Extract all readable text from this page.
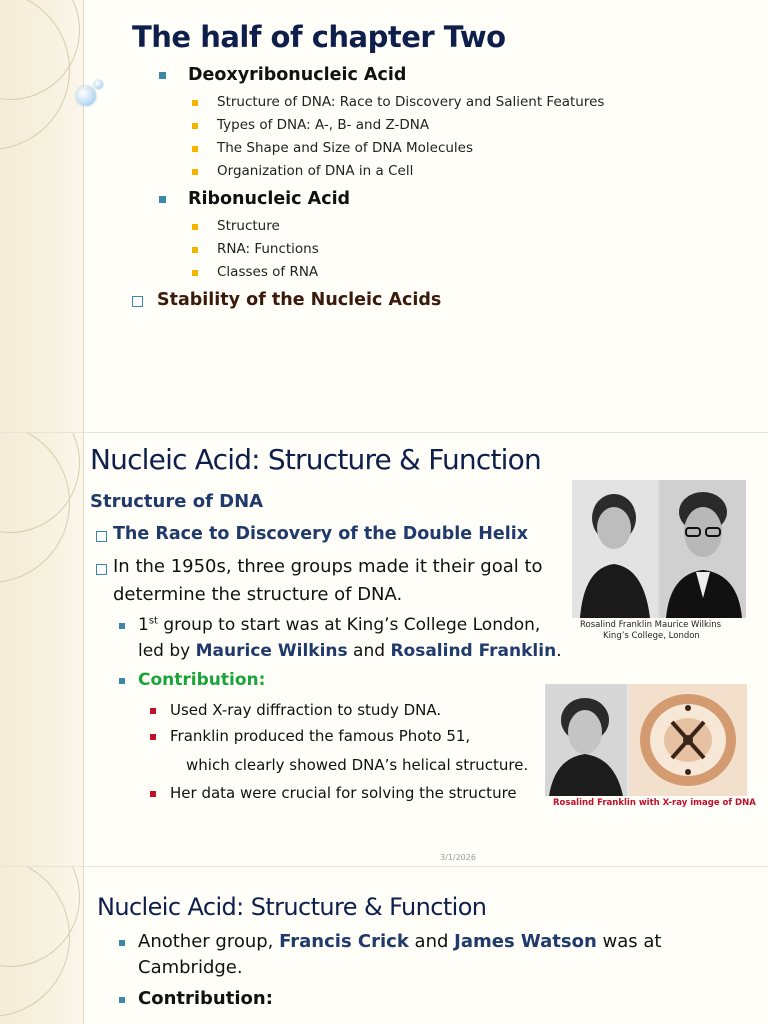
The half of chapter Two
Deoxyribonucleic Acid
Structure of DNA: Race to Discovery and Salient Features
Types of DNA: A-, B- and Z-DNA
The Shape and Size of DNA Molecules
Organization of DNA in a Cell
Ribonucleic Acid
Structure
RNA: Functions
Classes of RNA
Stability of the Nucleic Acids
Nucleic Acid: Structure & Function
Structure of DNA
The Race to Discovery of the Double Helix
In the 1950s, three groups made it their goal to
determine the structure of DNA.
1st group to start was at King’s College London,
led by Maurice Wilkins and Rosalind Franklin.
Contribution:
Used X-ray diffraction to study DNA.
Franklin produced the famous Photo 51,
which clearly showed DNA’s helical structure.
Her data were crucial for solving the structure
Rosalind Franklin Maurice Wilkins
King’s College, London
Rosalind Franklin with X-ray image of DNA
3/1/2026
Nucleic Acid: Structure & Function
Another group, Francis Crick and James Watson was at
Cambridge.
Contribution:
